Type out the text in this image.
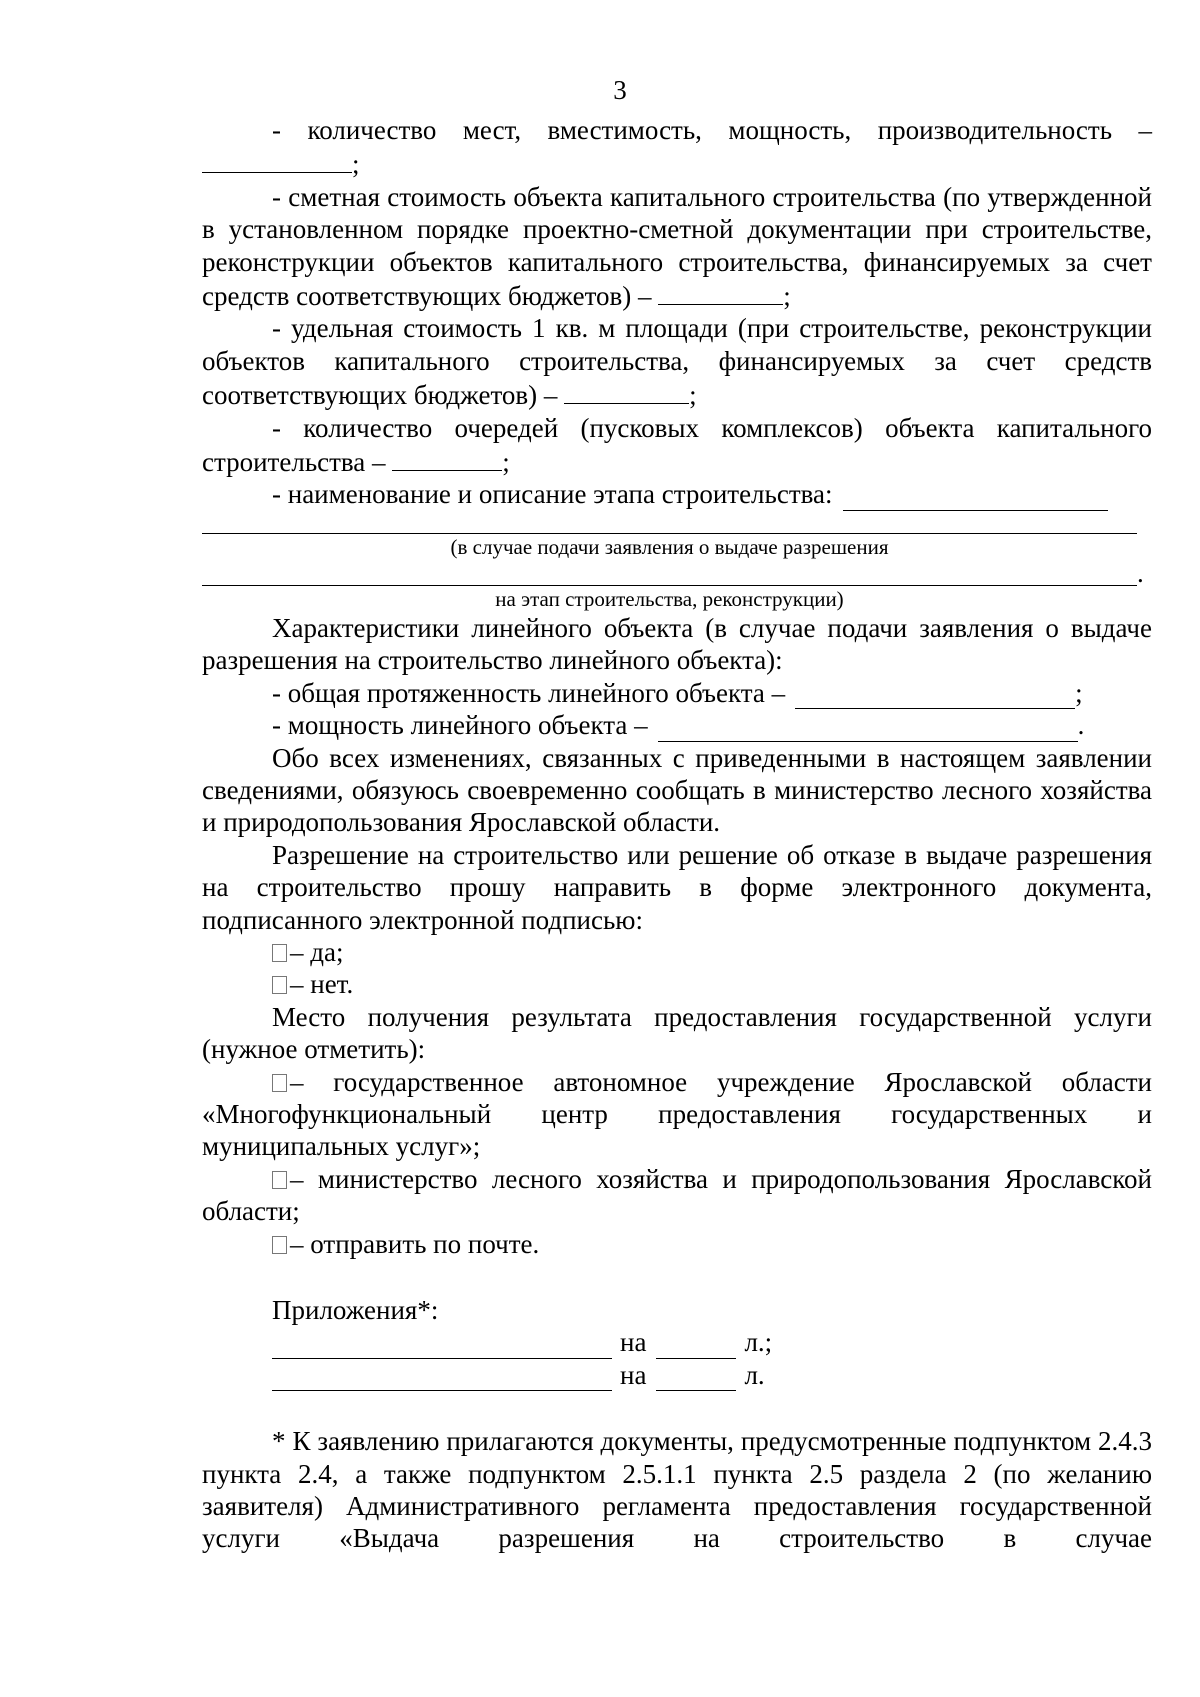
3
- количество мест, вместимость, мощность, производительность –
;
- сметная стоимость объекта капитального строительства (по утвержденной в установленном порядке проектно-сметной документации при строительстве, реконструкции объектов капитального строительства, финансируемых за счет средств соответствующих бюджетов) –	;
- удельная стоимость 1 кв. м площади (при строительстве, реконструкции объектов капитального строительства, финансируемых за счет средств соответствующих бюджетов) –	;
- количество очередей (пусковых комплексов) объекта капитального строительства –	;
- наименование и описание этапа строительства:
(в случае подачи заявления о выдаче разрешения
.
на этап строительства, реконструкции)
Характеристики линейного объекта (в случае подачи заявления о выдаче разрешения на строительство линейного объекта):
- общая протяженность линейного объекта –	;
- мощность линейного объекта –	.
Обо всех изменениях, связанных с приведенными в настоящем заявлении сведениями, обязуюсь своевременно сообщать в министерство лесного хозяйства и природопользования Ярославской области.
Разрешение на строительство или решение об отказе в выдаче разрешения на строительство прошу направить в форме электронного документа, подписанного электронной подписью:
– да;
– нет.
Место получения результата предоставления государственной услуги (нужное отметить):
– государственное автономное учреждение Ярославской области «Многофункциональный центр предоставления государственных и муниципальных услуг»;
– министерство лесного хозяйства и природопользования Ярославской области;
– отправить по почте.
Приложения*:
на	л.;
на	л.
* К заявлению прилагаются документы, предусмотренные подпунктом 2.4.3 пункта 2.4, а также подпунктом 2.5.1.1 пункта 2.5 раздела 2 (по желанию заявителя) Административного регламента предоставления государственной услуги «Выдача разрешения на строительство в случае
